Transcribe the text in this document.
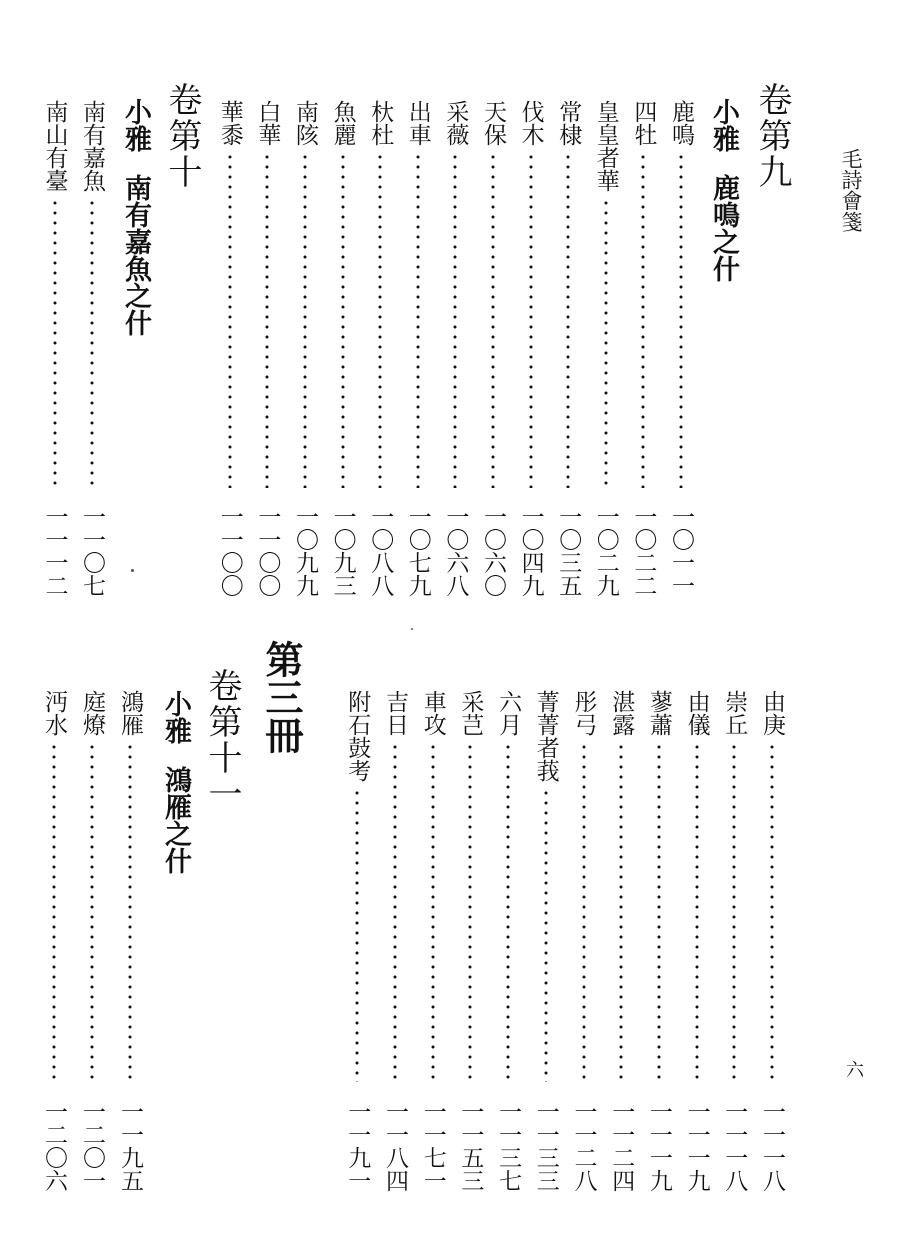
毛詩會箋
六
卷第九
小雅鹿鳴之什
鹿鳴
一〇一一
四牡
一〇二二
皇皇者華
一〇二九
常棣
一〇三五
伐木
一〇四九
天保
一〇六〇
采薇
一〇六八
出車
一〇七九
杕杜
一〇八八
魚麗
一〇九三
南陔
一〇九九
白華
一一〇〇
華黍
一一〇〇
卷第十
小雅南有嘉魚之什
南有嘉魚
一一〇七
南山有臺
一一一二
由庚
一一一八
崇丘
一一一八
由儀
一一一九
蓼蕭
一一一九
湛露
一一二四
彤弓
一一二八
菁菁者莪
一一三三
六月
一一三七
采芑
一一五三
車攻
一一七一
吉日
一一八四
附石鼓考
一一九一
第三冊
卷第十一
小雅鴻雁之什
鴻雁
一一九五
庭燎
一二〇一
沔水
一二〇六
